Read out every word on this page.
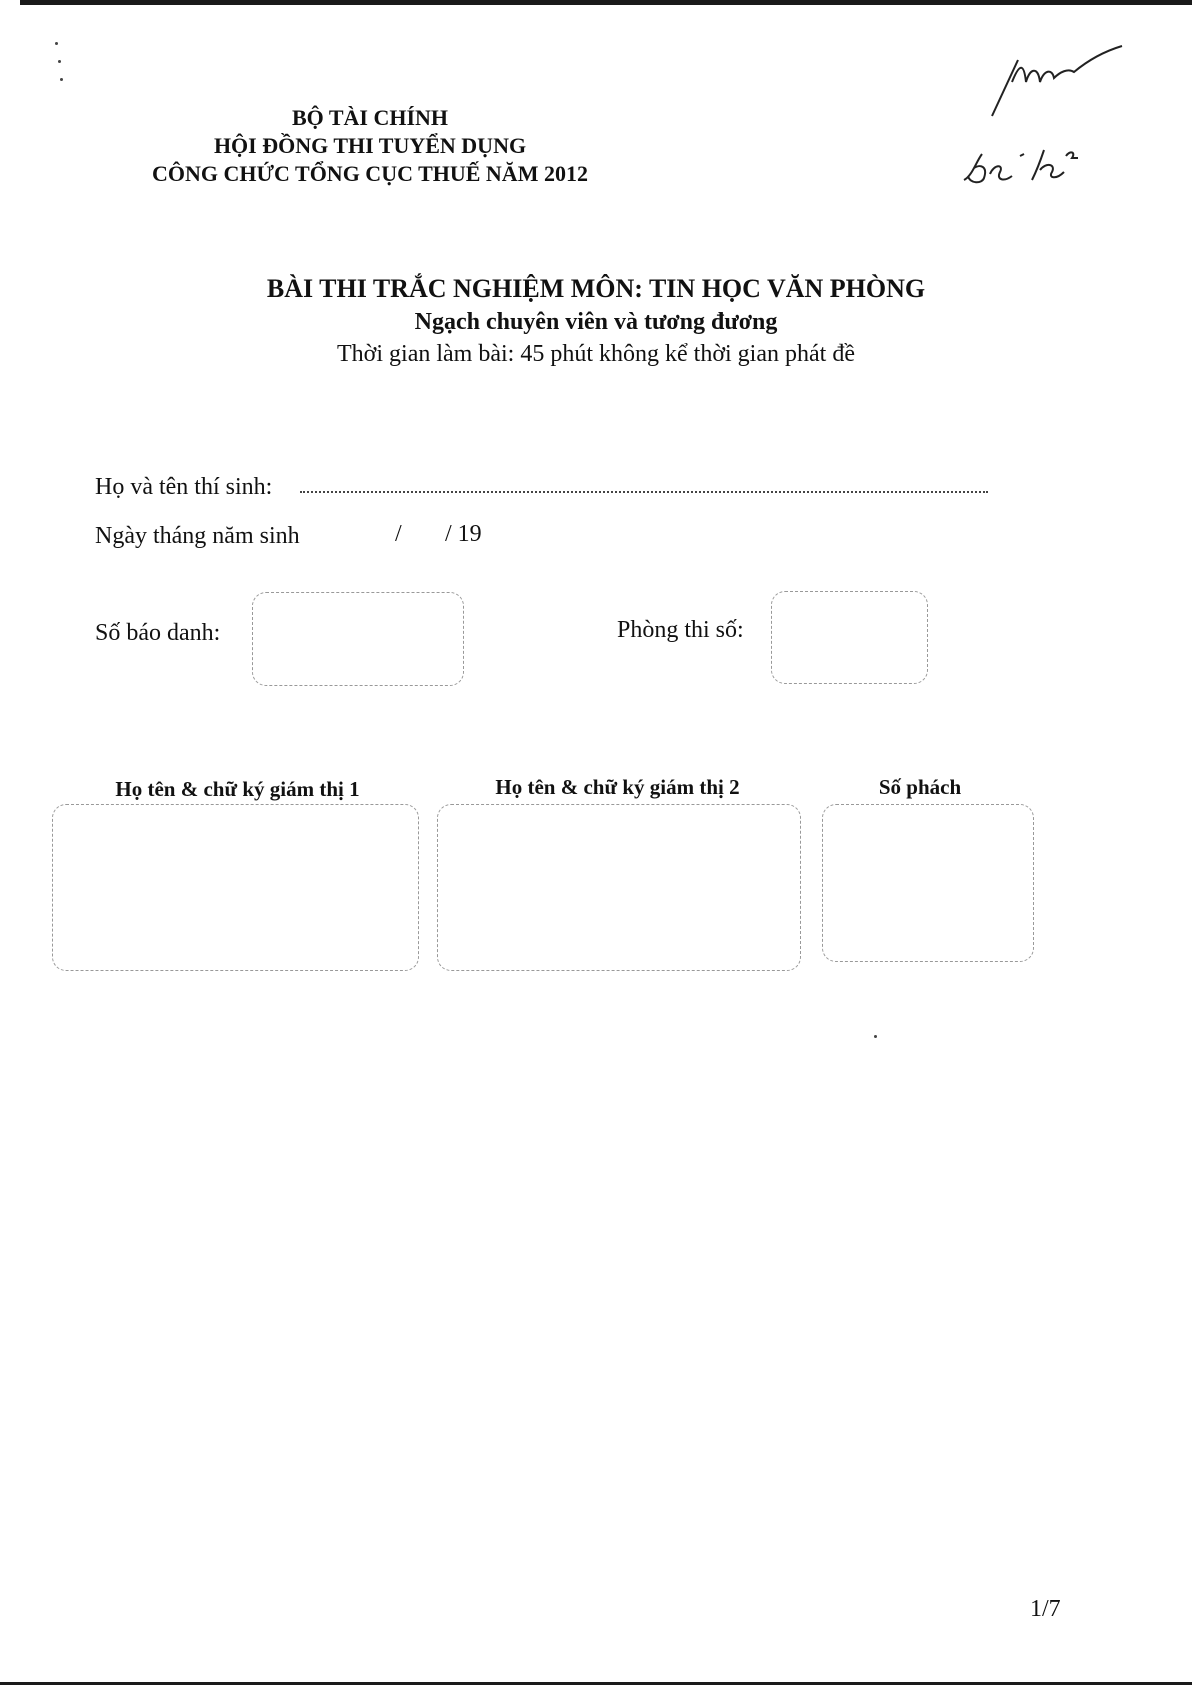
BỘ TÀI CHÍNH
HỘI ĐỒNG THI TUYỂN DỤNG
CÔNG CHỨC TỔNG CỤC THUẾ NĂM 2012
BÀI THI TRẮC NGHIỆM MÔN: TIN HỌC VĂN PHÒNG
Ngạch chuyên viên và tương đương
Thời gian làm bài: 45 phút không kể thời gian phát đề
Họ và tên thí sinh:
Ngày tháng năm sinh	/ / 19
Số báo danh:	Phòng thi số:
Họ tên & chữ ký giám thị 1	Họ tên & chữ ký giám thị 2	Số phách
1/7
